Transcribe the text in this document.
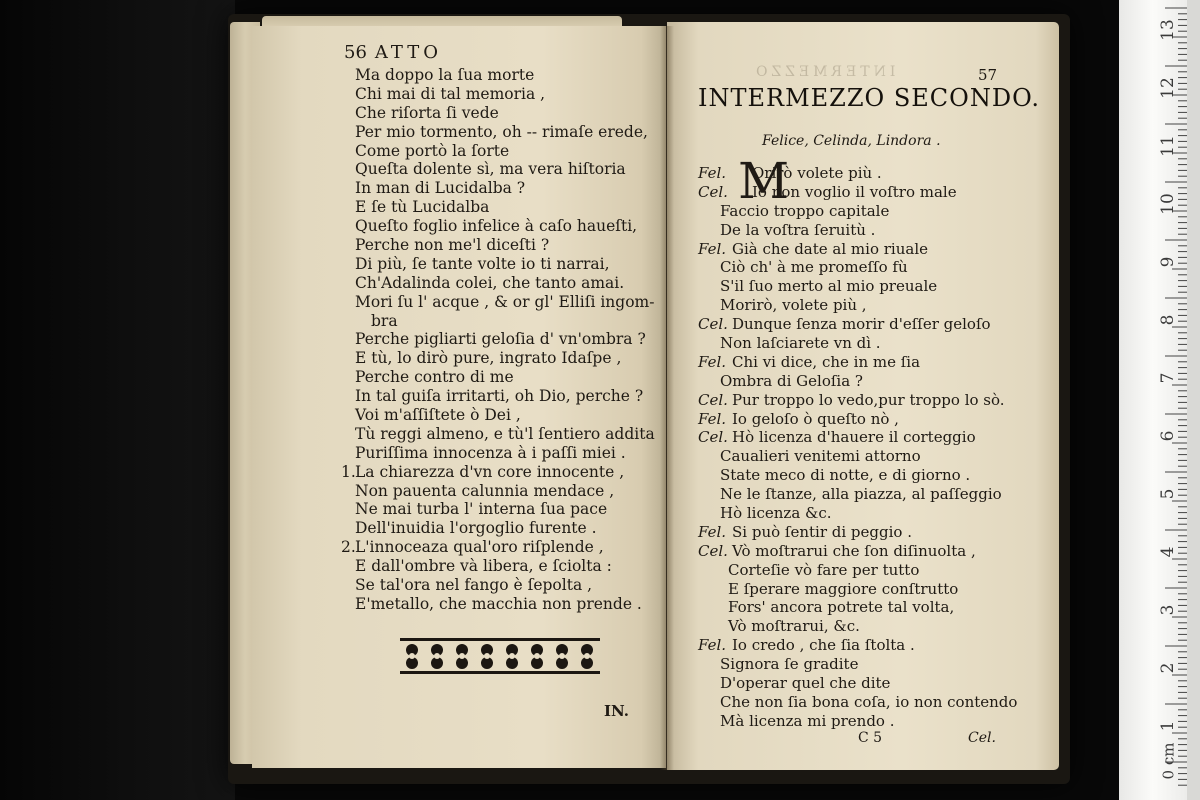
56 ATTO
Ma doppo la ſua morte
Chi mai di tal memoria ,
Che riſorta ſi vede
Per mio tormento, oh -- rimaſe erede,
Come portò la ſorte
Queſta dolente sì, ma vera hiſtoria
In man di Lucidalba ?
E ſe tù Lucidalba
Queſto foglio infelice à caſo haueſti,
Perche non me'l diceſti ?
Di più, ſe tante volte io ti narrai,
Ch'Adalinda colei, che tanto amai.
Mori ſu l' acque , & or gl' Elliſi ingom-
bra
Perche pigliarti geloſia d' vn'ombra ?
E tù, lo dirò pure, ingrato Idaſpe ,
Perche contro di me
In tal guiſa irritarti, oh Dio, perche ?
Voi m'aſſiſtete ò Dei ,
Tù reggi almeno, e tù'l ſentiero addita
Puriſſima innocenza à i paſſi miei .
1.La chiarezza d'vn core innocente ,
Non pauenta calunnia mendace ,
Ne mai turba l' interna ſua pace
Dell'inuidia l'orgoglio furente .
2.L'innoceaza qual'oro riſplende ,
E dall'ombre và libera, e ſciolta :
Se tal'ora nel fango è ſepolta ,
E'metallo, che macchia non prende .
IN.
INTERMEZZO	57
INTERMEZZO SECONDO.
Felice, Celinda, Lindora .
M
Fel. Orirò volete più .
Cel. Io non voglio il voſtro male
Faccio troppo capitale
De la voſtra ſeruitù .
Fel. Già che date al mio riuale
Ciò ch' à me promeſſo fù
S'il ſuo merto al mio preuale
Morirò, volete più ,
Cel. Dunque ſenza morir d'eſſer geloſo
Non laſciarete vn dì .
Fel. Chi vi dice, che in me ſia
Ombra di Geloſia ?
Cel. Pur troppo lo vedo,pur troppo lo sò.
Fel. Io geloſo ò queſto nò ,
Cel. Hò licenza d'hauere il corteggio
Caualieri venitemi attorno
State meco di notte, e di giorno .
Ne le ſtanze, alla piazza, al paſſeggio
Hò licenza &c.
Fel. Si può ſentir di peggio .
Cel. Vò moſtrarui che ſon diſinuolta ,
Corteſie vò fare per tutto
E ſperare maggiore conſtrutto
Fors' ancora potrete tal volta,
Vò moſtrarui, &c.
Fel. Io credo , che ſia ſtolta .
Signora ſe gradite
D'operar quel che dite
Che non ſia bona coſa, io non contendo
Mà licenza mi prendo .
C 5	Cel.
13
12
11
10
9
8
7
6
5
4
3
2
1
0 cm
